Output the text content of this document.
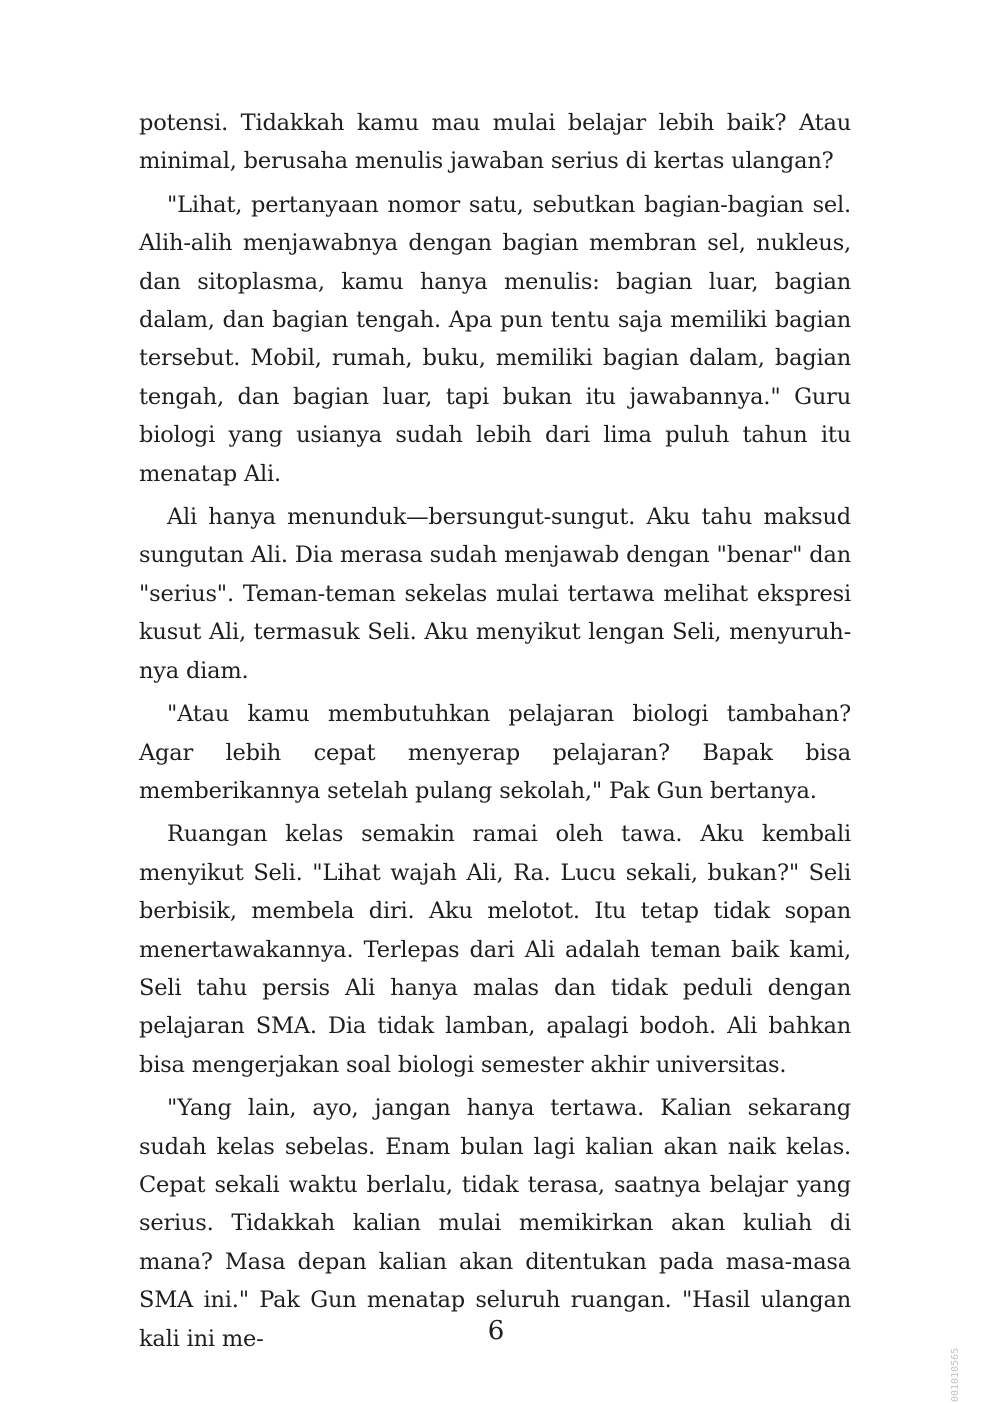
potensi. Tidakkah kamu mau mulai belajar lebih baik? Atau minimal, berusaha menulis jawaban serius di kertas ulangan?

"Lihat, pertanyaan nomor satu, sebutkan bagian-bagian sel. Alih-alih menjawabnya dengan bagian membran sel, nukleus, dan sitoplasma, kamu hanya menulis: bagian luar, bagian dalam, dan bagian tengah. Apa pun tentu saja memiliki bagian tersebut. Mobil, rumah, buku, memiliki bagian dalam, bagian tengah, dan bagian luar, tapi bukan itu jawabannya." Guru biologi yang usianya sudah lebih dari lima puluh tahun itu menatap Ali.

Ali hanya menunduk—bersungut-sungut. Aku tahu maksud sungutan Ali. Dia merasa sudah menjawab dengan "benar" dan "serius". Teman-teman sekelas mulai tertawa melihat ekspresi kusut Ali, termasuk Seli. Aku menyikut lengan Seli, menyuruh-nya diam.

"Atau kamu membutuhkan pelajaran biologi tambahan? Agar lebih cepat menyerap pelajaran? Bapak bisa memberikannya setelah pulang sekolah," Pak Gun bertanya.

Ruangan kelas semakin ramai oleh tawa. Aku kembali menyikut Seli. "Lihat wajah Ali, Ra. Lucu sekali, bukan?" Seli berbisik, membela diri. Aku melotot. Itu tetap tidak sopan menertawakannya. Terlepas dari Ali adalah teman baik kami, Seli tahu persis Ali hanya malas dan tidak peduli dengan pelajaran SMA. Dia tidak lamban, apalagi bodoh. Ali bahkan bisa mengerjakan soal biologi semester akhir universitas.

"Yang lain, ayo, jangan hanya tertawa. Kalian sekarang sudah kelas sebelas. Enam bulan lagi kalian akan naik kelas. Cepat sekali waktu berlalu, tidak terasa, saatnya belajar yang serius. Tidakkah kalian mulai memikirkan akan kuliah di mana? Masa depan kalian akan ditentukan pada masa-masa SMA ini." Pak Gun menatap seluruh ruangan. "Hasil ulangan kali ini me-	6
001010565
